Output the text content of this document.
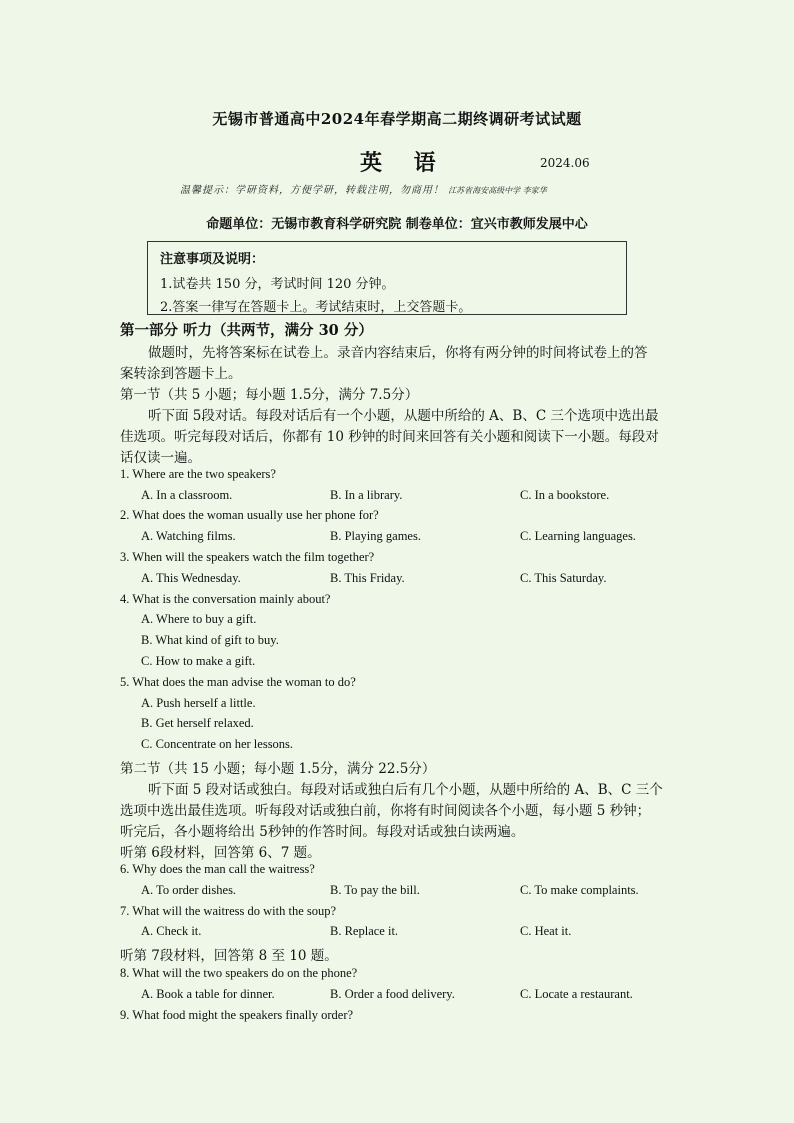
无锡市普通高中2024年春学期高二期终调研考试试题
英 语	2024.06
温馨提示：学研资料，方便学研，转载注明，勿商用！ 江苏省海安高级中学 李家华
命题单位：无锡市教育科学研究院 制卷单位：宜兴市教师发展中心
注意事项及说明：
1.试卷共 150 分，考试时间 120 分钟。
2.答案一律写在答题卡上。考试结束时，上交答题卡。
第一部分 听力（共两节，满分 30 分）
做题时，先将答案标在试卷上。录音内容结束后，你将有两分钟的时间将试卷上的答
案转涂到答题卡上。
第一节（共 5 小题；每小题 1.5分，满分 7.5分）
听下面 5段对话。每段对话后有一个小题，从题中所给的 A、B、C 三个选项中选出最
佳选项。听完每段对话后，你都有 10 秒钟的时间来回答有关小题和阅读下一小题。每段对
话仅读一遍。
1. Where are the two speakers?
A. In a classroom.	B. In a library.	C. In a bookstore.
2. What does the woman usually use her phone for?
A. Watching films.	B. Playing games.	C. Learning languages.
3. When will the speakers watch the film together?
A. This Wednesday.	B. This Friday.	C. This Saturday.
4. What is the conversation mainly about?
A. Where to buy a gift.
B. What kind of gift to buy.
C. How to make a gift.
5. What does the man advise the woman to do?
A. Push herself a little.
B. Get herself relaxed.
C. Concentrate on her lessons.
第二节（共 15 小题；每小题 1.5分，满分 22.5分）
听下面 5 段对话或独白。每段对话或独白后有几个小题，从题中所给的 A、B、C 三个
选项中选出最佳选项。听每段对话或独白前，你将有时间阅读各个小题，每小题 5 秒钟；
听完后，各小题将给出 5秒钟的作答时间。每段对话或独白读两遍。
听第 6段材料，回答第 6、7 题。
6. Why does the man call the waitress?
A. To order dishes.	B. To pay the bill.	C. To make complaints.
7. What will the waitress do with the soup?
A. Check it.	B. Replace it.	C. Heat it.
听第 7段材料，回答第 8 至 10 题。
8. What will the two speakers do on the phone?
A. Book a table for dinner.	B. Order a food delivery.	C. Locate a restaurant.
9. What food might the speakers finally order?
